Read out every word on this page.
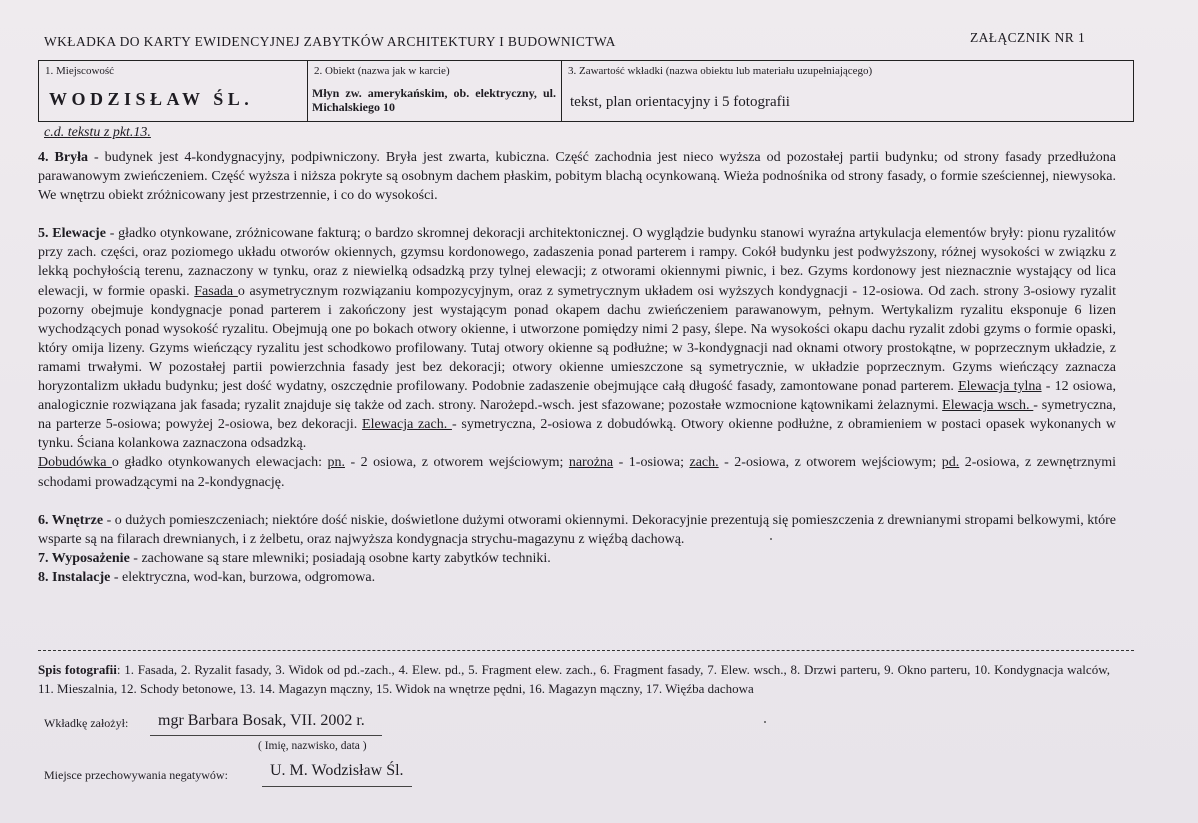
WKŁADKA DO KARTY EWIDENCYJNEJ ZABYTKÓW ARCHITEKTURY I BUDOWNICTWA	ZAŁĄCZNIK NR 1
1. Miejscowość
WODZISŁAW ŚL.
2. Obiekt (nazwa jak w karcie)
Młyn zw. amerykańskim, ob. elektryczny, ul. Michalskiego 10
3. Zawartość wkładki (nazwa obiektu lub materiału uzupełniającego)
tekst, plan orientacyjny i 5 fotografii
c.d. tekstu z pkt.13.

4. Bryła - budynek jest 4-kondygnacyjny, podpiwniczony. Bryła jest zwarta, kubiczna. Część zachodnia jest nieco wyższa od pozostałej partii budynku; od strony fasady przedłużona parawanowym zwieńczeniem. Część wyższa i niższa pokryte są osobnym dachem płaskim, pobitym blachą ocynkowaną. Wieża podnośnika od strony fasady, o formie sześciennej, niewysoka. We wnętrzu obiekt zróżnicowany jest przestrzennie, i co do wysokości.

5. Elewacje - gładko otynkowane, zróżnicowane fakturą; o bardzo skromnej dekoracji architektonicznej. O wyglądzie budynku stanowi wyraźna artykulacja elementów bryły: pionu ryzalitów przy zach. części, oraz poziomego układu otworów okiennych, gzymsu kordonowego, zadaszenia ponad parterem i rampy. Cokół budynku jest podwyższony, różnej wysokości w związku z lekką pochyłością terenu, zaznaczony w tynku, oraz z niewielką odsadzką przy tylnej elewacji; z otworami okiennymi piwnic, i bez. Gzyms kordonowy jest nieznacznie wystający od lica elewacji, w formie opaski. Fasada o asymetrycznym rozwiązaniu kompozycyjnym, oraz z symetrycznym układem osi wyższych kondygnacji - 12-osiowa. Od zach. strony 3-osiowy ryzalit pozorny obejmuje kondygnacje ponad parterem i zakończony jest wystającym ponad okapem dachu zwieńczeniem parawanowym, pełnym. Wertykalizm ryzalitu eksponuje 6 lizen wychodzących ponad wysokość ryzalitu. Obejmują one po bokach otwory okienne, i utworzone pomiędzy nimi 2 pasy, ślepe. Na wysokości okapu dachu ryzalit zdobi gzyms o formie opaski, który omija lizeny. Gzyms wieńczący ryzalitu jest schodkowo profilowany. Tutaj otwory okienne są podłużne; w 3-kondygnacji nad oknami otwory prostokątne, w poprzecznym układzie, z ramami trwałymi. W pozostałej partii powierzchnia fasady jest bez dekoracji; otwory okienne umieszczone są symetrycznie, w układzie poprzecznym. Gzyms wieńczący zaznacza horyzontalizm układu budynku; jest dość wydatny, oszczędnie profilowany. Podobnie zadaszenie obejmujące całą długość fasady, zamontowane ponad parterem. Elewacja tylna - 12 osiowa, analogicznie rozwiązana jak fasada; ryzalit znajduje się także od zach. strony. Narożepd.-wsch. jest sfazowane; pozostałe wzmocnione kątownikami żelaznymi. Elewacja wsch. - symetryczna, na parterze 5-osiowa; powyżej 2-osiowa, bez dekoracji. Elewacja zach. - symetryczna, 2-osiowa z dobudówką. Otwory okienne podłużne, z obramieniem w postaci opasek wykonanych w tynku. Ściana kolankowa zaznaczona odsadzką.

Dobudówka o gładko otynkowanych elewacjach: pn. - 2 osiowa, z otworem wejściowym; narożna - 1-osiowa; zach. - 2-osiowa, z otworem wejściowym; pd. 2-osiowa, z zewnętrznymi schodami prowadzącymi na 2-kondygnację.

6. Wnętrze - o dużych pomieszczeniach; niektóre dość niskie, doświetlone dużymi otworami okiennymi. Dekoracyjnie prezentują się pomieszczenia z drewnianymi stropami belkowymi, które wsparte są na filarach drewnianych, i z żelbetu, oraz najwyższa kondygnacja strychu-magazynu z więźbą dachową.

7. Wyposażenie - zachowane są stare mlewniki; posiadają osobne karty zabytków techniki.

8. Instalacje - elektryczna, wod-kan, burzowa, odgromowa.

Spis fotografii: 1. Fasada, 2. Ryzalit fasady, 3. Widok od pd.-zach., 4. Elew. pd., 5. Fragment elew. zach., 6. Fragment fasady, 7. Elew. wsch., 8. Drzwi parteru, 9. Okno parteru, 10. Kondygnacja walców, 11. Mieszalnia, 12. Schody betonowe, 13. 14. Magazyn mączny, 15. Widok na wnętrze pędni, 16. Magazyn mączny, 17. Więźba dachowa
Wkładkę założył: mgr Barbara Bosak, VII. 2002 r.
( Imię, nazwisko, data )
Miejsce przechowywania negatywów:	U. M. Wodzisław Śl.
